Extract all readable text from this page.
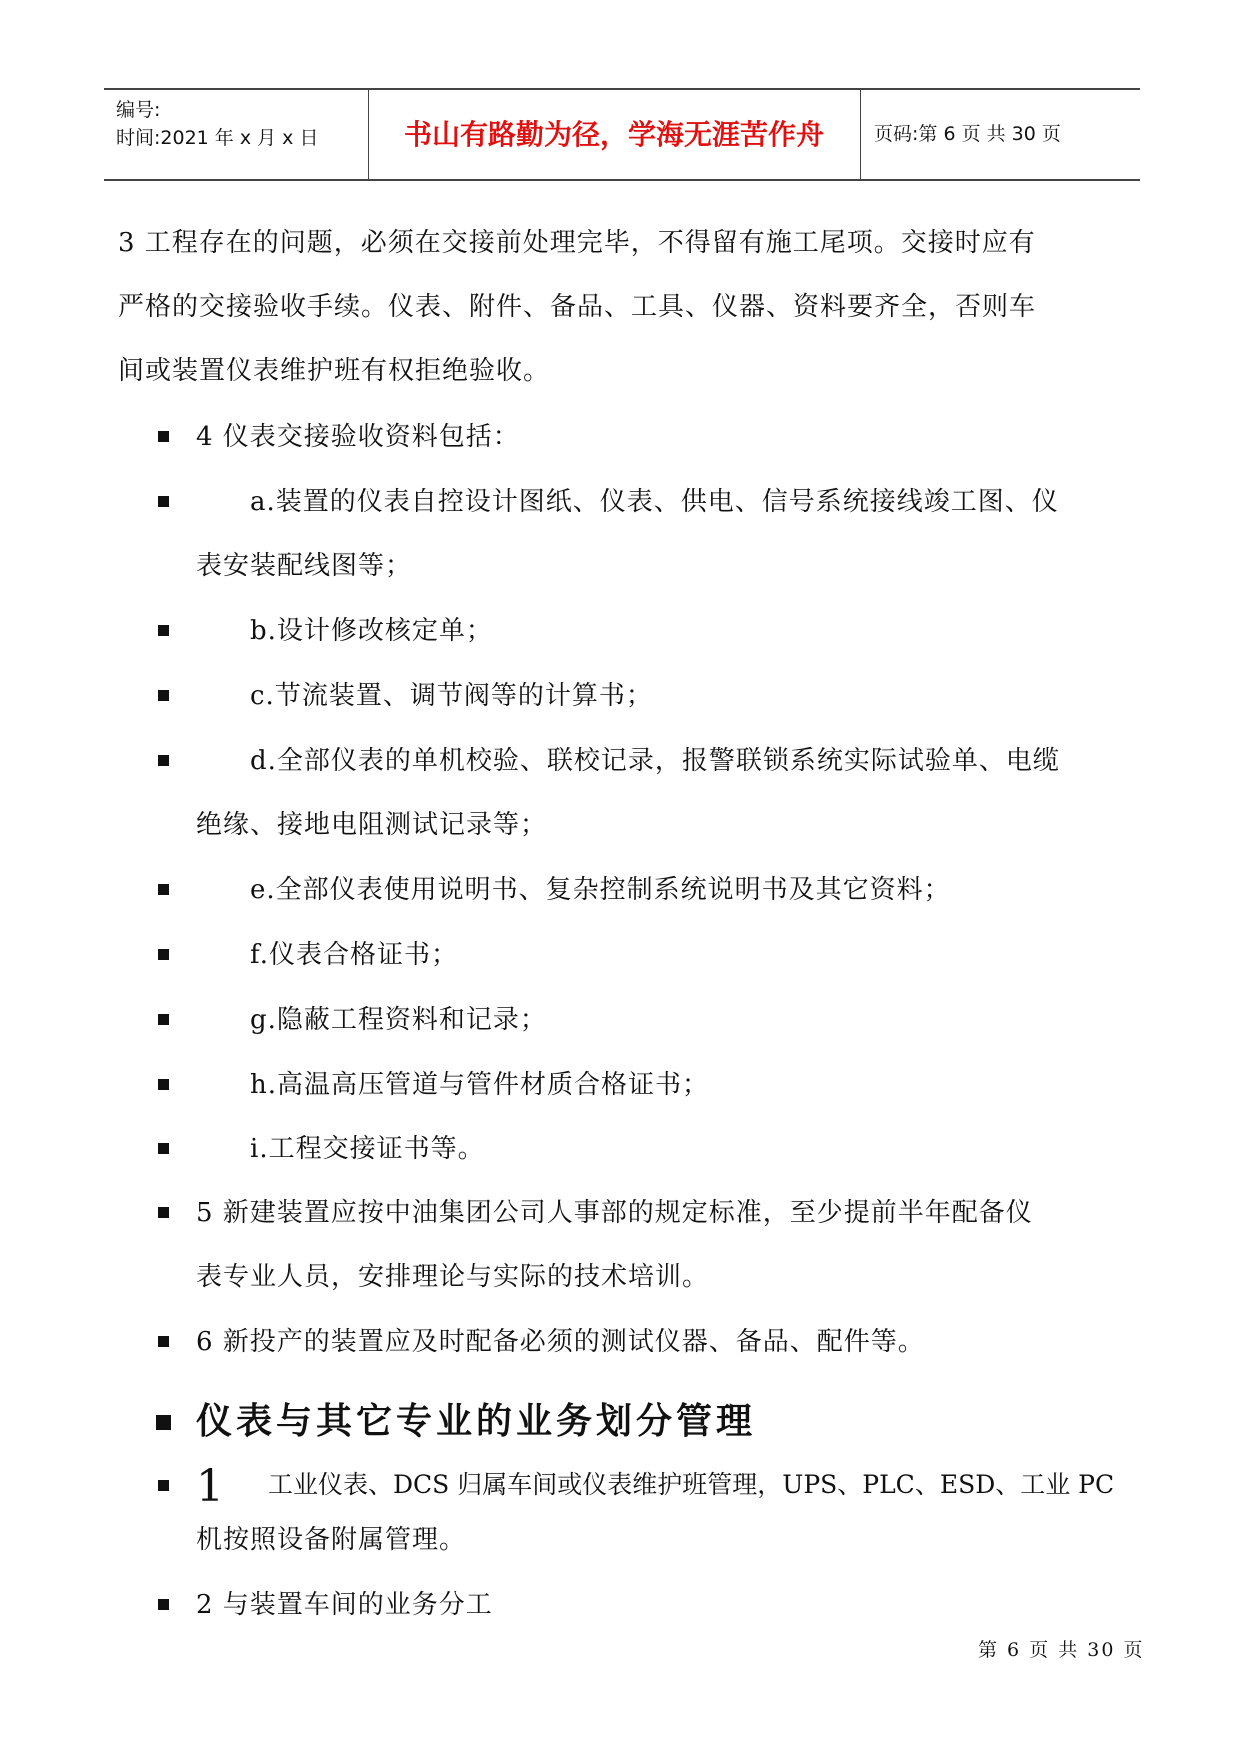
编号:
时间:2021 年 x 月 x 日	书山有路勤为径，学海无涯苦作舟	页码:第 6 页 共 30 页
3 工程存在的问题，必须在交接前处理完毕，不得留有施工尾项。交接时应有
严格的交接验收手续。仪表、附件、备品、工具、仪器、资料要齐全，否则车
间或装置仪表维护班有权拒绝验收。
4 仪表交接验收资料包括：
a.装置的仪表自控设计图纸、仪表、供电、信号系统接线竣工图、仪
表安装配线图等；
b.设计修改核定单；
c.节流装置、调节阀等的计算书；
d.全部仪表的单机校验、联校记录，报警联锁系统实际试验单、电缆
绝缘、接地电阻测试记录等；
e.全部仪表使用说明书、复杂控制系统说明书及其它资料；
f.仪表合格证书；
g.隐蔽工程资料和记录；
h.高温高压管道与管件材质合格证书；
i.工程交接证书等。
5 新建装置应按中油集团公司人事部的规定标准，至少提前半年配备仪
表专业人员，安排理论与实际的技术培训。
6 新投产的装置应及时配备必须的测试仪器、备品、配件等。
仪表与其它专业的业务划分管理
1 工业仪表、DCS 归属车间或仪表维护班管理，UPS、PLC、ESD、工业 PC
机按照设备附属管理。
2 与装置车间的业务分工
第 6 页 共 30 页
